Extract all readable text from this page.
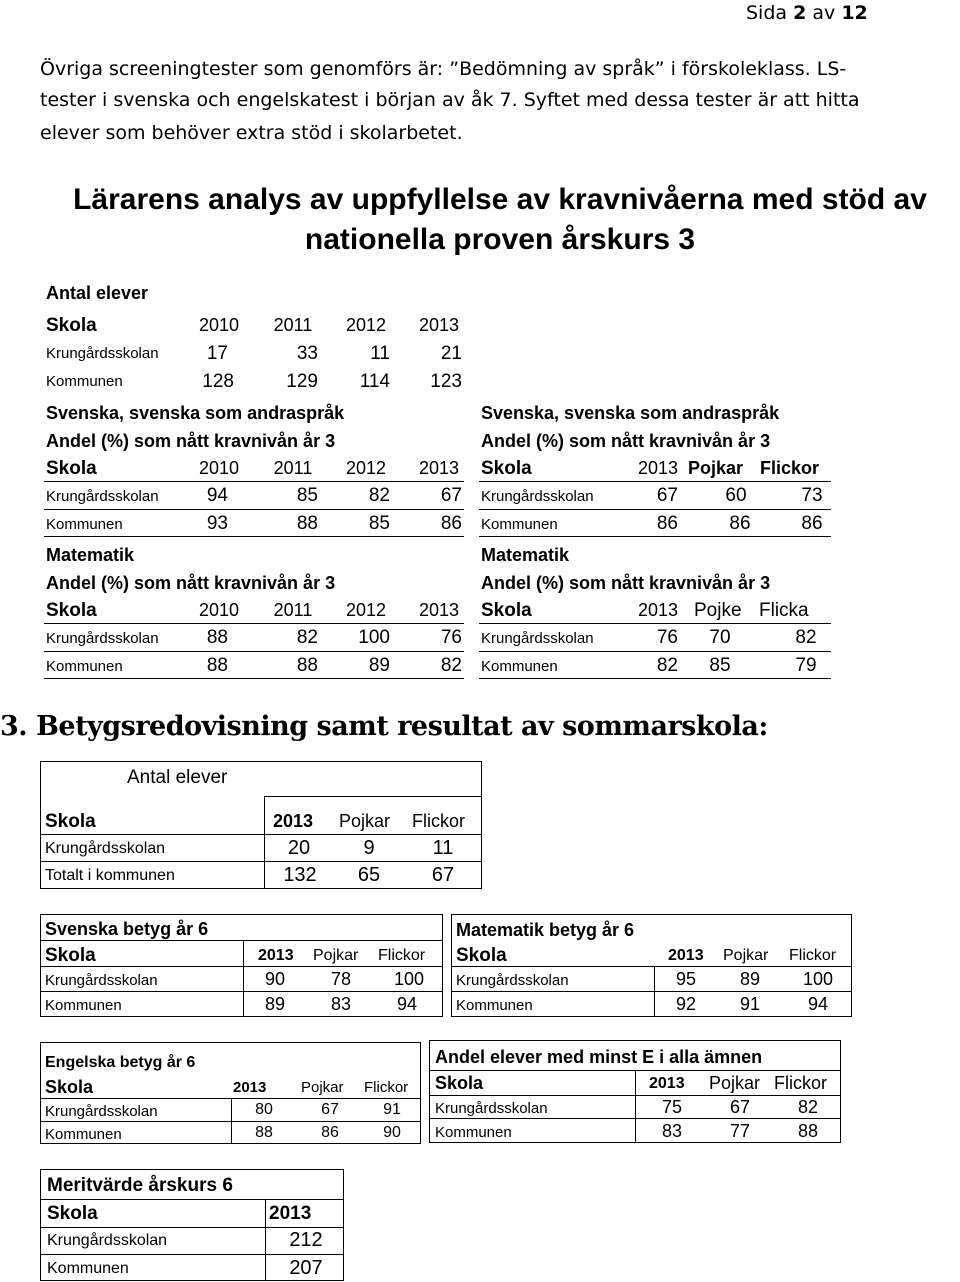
Sida 2 av 12
Övriga screeningtester som genomförs är: ”Bedömning av språk” i förskoleklass. LS-
tester i svenska och engelskatest i början av åk 7. Syftet med dessa tester är att hitta
elever som behöver extra stöd i skolarbetet.
Lärarens analys av uppfyllelse av kravnivåerna med stöd av
nationella proven årskurs 3
Antal elever
Skola	2010	2011	2012	2013
Krungårdsskolan	17	33	11	21
Kommunen	128	129	114	123
Svenska, svenska som andraspråk
Andel (%) som nått kravnivån år 3
Skola	2010	2011	2012	2013
Krungårdsskolan	94	85	82	67
Kommunen	93	88	85	86
Svenska, svenska som andraspråk
Andel (%) som nått kravnivån år 3
Skola	2013 Pojkar Flickor
Krungårdsskolan	67	60	73
Kommunen	86	86	86
Matematik
Andel (%) som nått kravnivån år 3
Skola	2010	2011	2012	2013
Krungårdsskolan	88	82	100	76
Kommunen	88	88	89	82
Matematik
Andel (%) som nått kravnivån år 3
Skola	2013 Pojke Flicka
Krungårdsskolan	76	70	82
Kommunen	82	85	79
3. Betygsredovisning samt resultat av sommarskola:
Antal elever
Skola	2013 Pojkar Flickor
Krungårdsskolan	20	9	11
Totalt i kommunen	132	65	67
Svenska betyg år 6
Skola	2013 Pojkar Flickor
Krungårdsskolan	90	78	100
Kommunen	89	83	94
Matematik betyg år 6
Skola	2013 Pojkar Flickor
Krungårdsskolan	95	89	100
Kommunen	92	91	94
Engelska betyg år 6
Skola	2013 Pojkar Flickor
Krungårdsskolan	80	67	91
Kommunen	88	86	90
Andel elever med minst E i alla ämnen
Skola	2013 Pojkar Flickor
Krungårdsskolan	75	67	82
Kommunen	83	77	88
Meritvärde årskurs 6
Skola	2013
Krungårdsskolan	212
Kommunen	207
